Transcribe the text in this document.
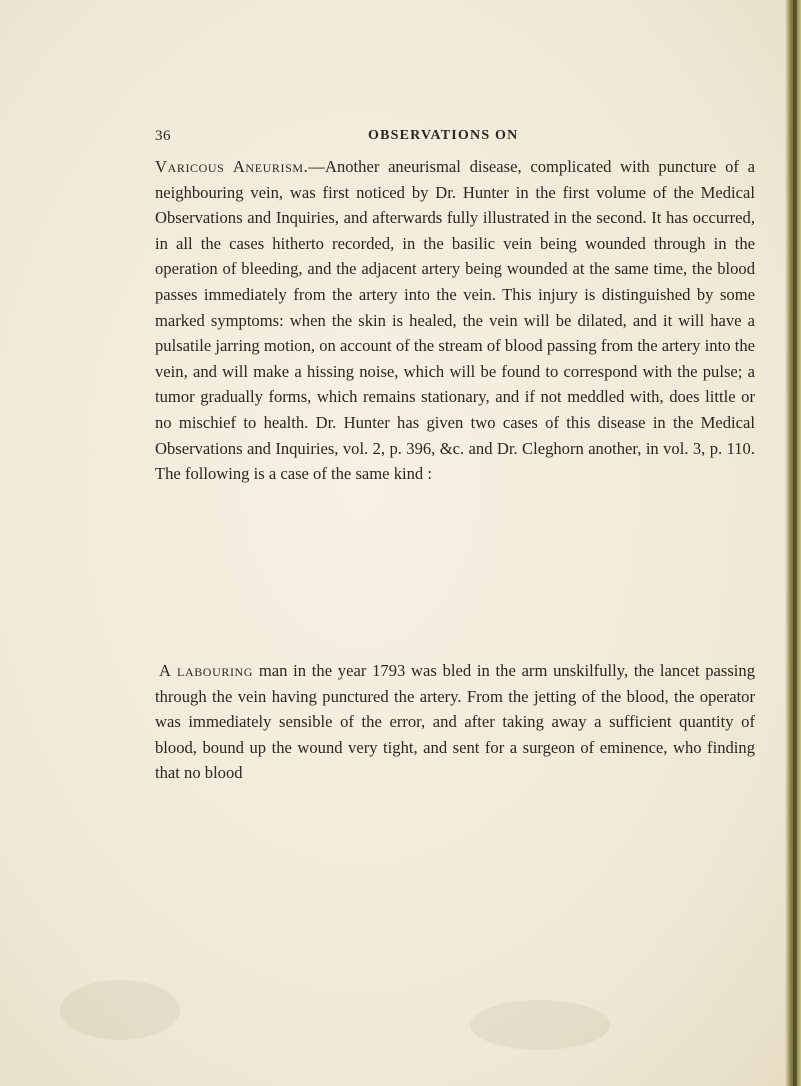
36	OBSERVATIONS ON
Varicous Aneurism.—Another aneurismal disease, complicated with puncture of a neighbouring vein, was first noticed by Dr. Hunter in the first volume of the Medical Observations and Inquiries, and afterwards fully illustrated in the second. It has occurred, in all the cases hitherto recorded, in the basilic vein being wounded through in the operation of bleeding, and the adjacent artery being wounded at the same time, the blood passes immediately from the artery into the vein. This injury is distinguished by some marked symptoms: when the skin is healed, the vein will be dilated, and it will have a pulsatile jarring motion, on account of the stream of blood passing from the artery into the vein, and will make a hissing noise, which will be found to correspond with the pulse; a tumor gradually forms, which remains stationary, and if not meddled with, does little or no mischief to health. Dr. Hunter has given two cases of this disease in the Medical Observations and Inquiries, vol. 2, p. 396, &c. and Dr. Cleghorn another, in vol. 3, p. 110. The following is a case of the same kind :
A labouring man in the year 1793 was bled in the arm unskilfully, the lancet passing through the vein having punctured the artery. From the jetting of the blood, the operator was immediately sensible of the error, and after taking away a sufficient quantity of blood, bound up the wound very tight, and sent for a surgeon of eminence, who finding that no blood
